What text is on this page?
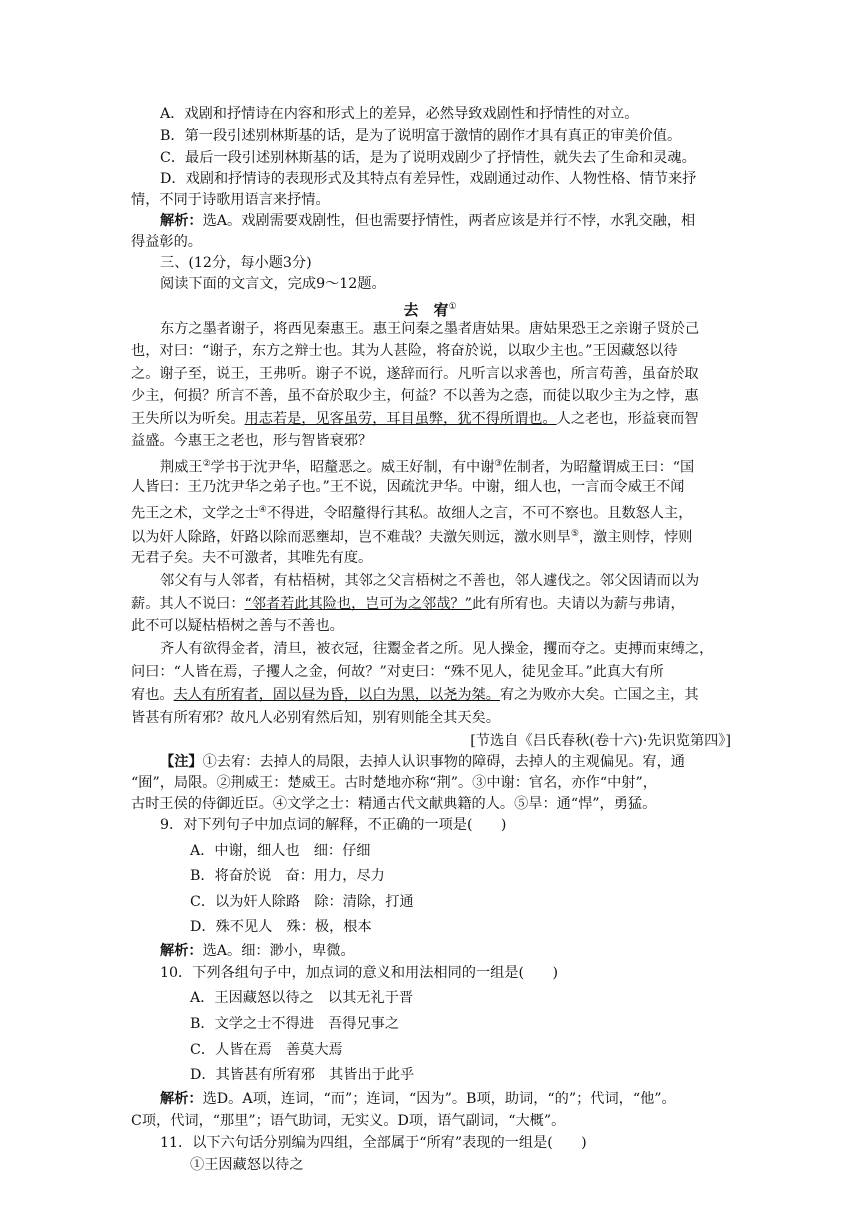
A．戏剧和抒情诗在内容和形式上的差异，必然导致戏剧性和抒情性的对立。
B．第一段引述别林斯基的话，是为了说明富于激情的剧作才具有真正的审美价值。
C．最后一段引述别林斯基的话，是为了说明戏剧少了抒情性，就失去了生命和灵魂。
D．戏剧和抒情诗的表现形式及其特点有差异性，戏剧通过动作、人物性格、情节来抒
情，不同于诗歌用语言来抒情。
解析：选A。戏剧需要戏剧性，但也需要抒情性，两者应该是并行不悖，水乳交融，相
得益彰的。
三、(12分，每小题3分)
阅读下面的文言文，完成9～12题。
去　宥①
东方之墨者谢子，将西见秦惠王。惠王问秦之墨者唐姑果。唐姑果恐王之亲谢子贤於己
也，对曰：“谢子，东方之辩士也。其为人甚险，将奋於说，以取少主也。”王因藏怒以待
之。谢子至，说王，王弗听。谢子不说，遂辞而行。凡听言以求善也，所言苟善，虽奋於取
少主，何损？所言不善，虽不奋於取少主，何益？不以善为之悫，而徒以取少主为之悖，惠
王失所以为听矣。用志若是，见客虽劳，耳目虽弊，犹不得所谓也。人之老也，形益衰而智
益盛。今惠王之老也，形与智皆衰邪？
荆威王②学书于沈尹华，昭釐恶之。威王好制，有中谢③佐制者，为昭釐谓威王曰：“国
人皆曰：王乃沈尹华之弟子也。”王不说，因疏沈尹华。中谢，细人也，一言而令威王不闻
先王之术，文学之士④不得进，令昭釐得行其私。故细人之言，不可不察也。且数怒人主，
以为奸人除路，奸路以除而恶壅却，岂不难哉？夫激矢则远，激水则旱⑤，激主则悖，悖则
无君子矣。夫不可激者，其唯先有度。
邻父有与人邻者，有枯梧树，其邻之父言梧树之不善也，邻人遽伐之。邻父因请而以为
薪。其人不说曰：“邻者若此其险也，岂可为之邻哉？”此有所宥也。夫请以为薪与弗请，
此不可以疑枯梧树之善与不善也。
齐人有欲得金者，清旦，被衣冠，往鬻金者之所。见人操金，攫而夺之。吏搏而束缚之，
问曰：“人皆在焉，子攫人之金，何故？”对吏曰：“殊不见人，徒见金耳。”此真大有所
宥也。夫人有所宥者，固以昼为昏，以白为黑，以尧为桀。宥之为败亦大矣。亡国之主，其
皆甚有所宥邪？故凡人必别宥然后知，别宥则能全其天矣。
[节选自《吕氏春秋(卷十六)·先识览第四》]
【注】①去宥：去掉人的局限，去掉人认识事物的障碍，去掉人的主观偏见。宥，通
“囿”，局限。②荆威王：楚威王。古时楚地亦称“荆”。③中谢：官名，亦作“中射”，
古时王侯的侍御近臣。④文学之士：精通古代文献典籍的人。⑤旱：通“悍”，勇猛。
9．对下列句子中加点词的解释，不正确的一项是(　　)
A．中谢，细人也　细：仔细
B．将奋於说　奋：用力，尽力
C．以为奸人除路　除：清除，打通
D．殊不见人　殊：极，根本
解析：选A。细：渺小，卑微。
10．下列各组句子中，加点词的意义和用法相同的一组是(　　)
A．王因藏怒以待之　以其无礼于晋
B．文学之士不得进　吾得兄事之
C．人皆在焉　善莫大焉
D．其皆甚有所宥邪　其皆出于此乎
解析：选D。A项，连词，“而”；连词，“因为”。B项，助词，“的”；代词，“他”。
C项，代词，“那里”；语气助词，无实义。D项，语气副词，“大概”。
11．以下六句话分别编为四组，全部属于“所宥”表现的一组是(　　)
①王因藏怒以待之
